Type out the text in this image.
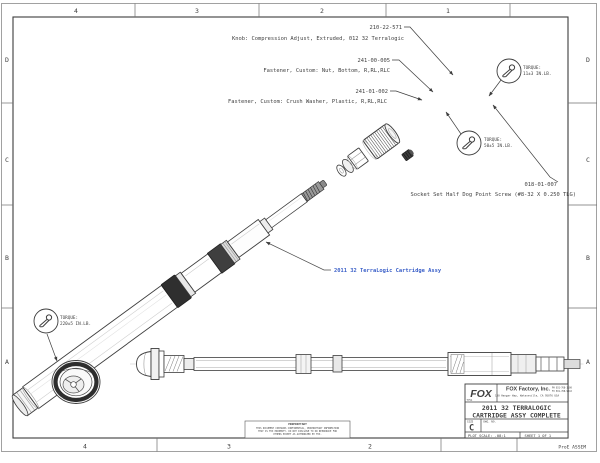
4	3	2	1
4	3	2
D
C
B
A
D
C
B
A
TORQUE:
11±3 IN.LB.
TORQUE:
50±5 IN.LB.
TORQUE:
220±5 IN.LB.
210-22-571
Knob: Compression Adjust, Extruded, 012 32 Terralogic
241-00-005
Fastener, Custom: Nut, Bottom, R,RL,RLC
241-01-002
Fastener, Custom: Crush Washer, Plastic, R,RL,RLC
018-01-007
Socket Set Half Dog Point Screw (#8-32 X 0.250 TLG)
2011 32 TerraLogic Cartridge Assy
PROPRIETARY
THIS DOCUMENT CONTAINS CONFIDENTIAL, PROPRIETARY INFORMATION
THAT IS FOX PROPERTY. DO NOT DISCLOSE TO OR REPRODUCE FOR
OTHERS EXCEPT AS AUTHORIZED BY FOX.
FOX
T751
FOX Factory, Inc.
130 Hangar Way, Watsonville, CA 95076 USA
PH 831-768-1100
FX 831-768-9342
2011 32 TERRALOGIC
CARTRIDGE ASSY COMPLETE
SIZE
C
DWG. NO.
PLOT SCALE: .08:1	SHEET 1 OF 1
ProE ASSEM
